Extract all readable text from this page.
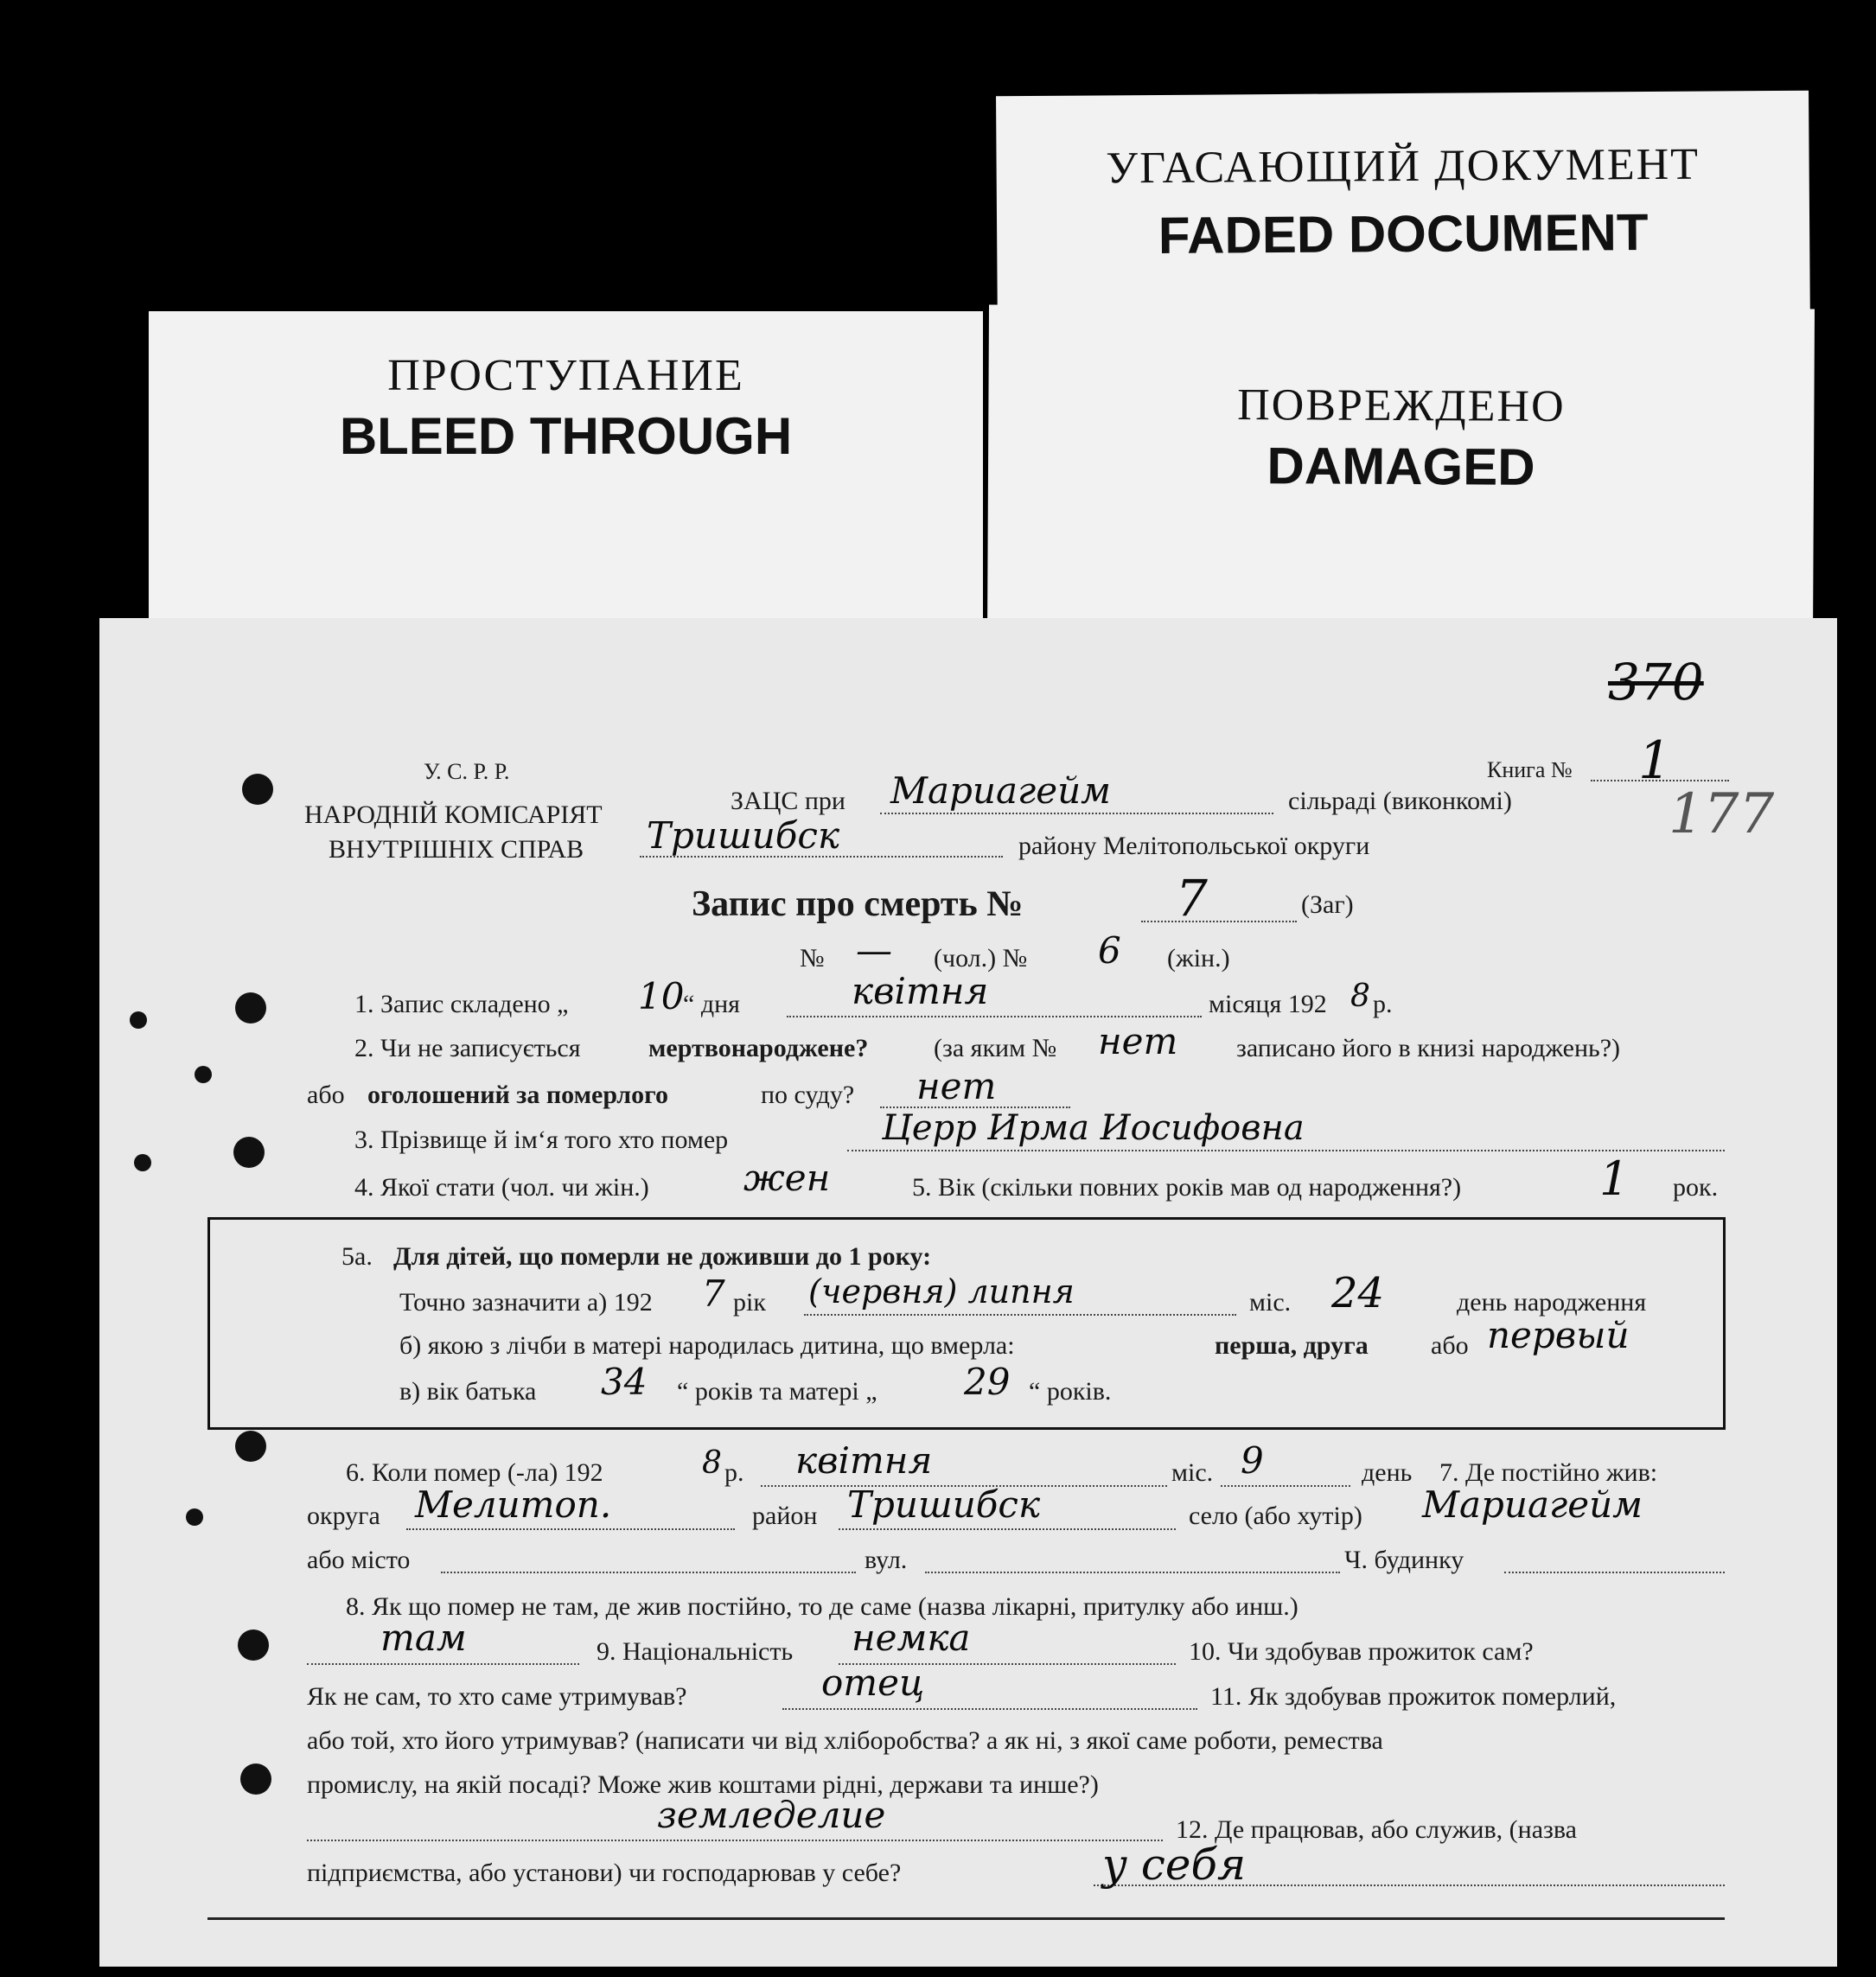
УГАСАЮЩИЙ ДОКУМЕНТ
FADED DOCUMENT
ПРОСТУПАНИЕ
BLEED THROUGH
ПОВРЕЖДЕНО
DAMAGED
370
177
У. С. Р. Р.
НАРОДНІЙ КОМІСАРІЯТ
ВНУТРІШНІХ СПРАВ
Книга № 1
ЗАЦС при Мариагейм	сільраді (виконкомі)
Тришибск	району Мелітопольської округи
Запис про смерть №	7	(Заг)
№ — (чол.) № 6 (жін.)
1. Запис складено „ 10
“ дня	квітня	місяця 192 8 р.
2. Чи не записується	мертвонароджене?	(за яким № нет записано його в книзі народжень?)
або оголошений за померлого	по суду? нет
3. Прізвище й ім‘я того хто помер	Церр Ирма Иосифовна
4. Якої стати (чол. чи жін.)	жен	5. Вік (скільки повних років мав од народження?)	1 рок.
5а. Для дітей, що померли не доживши до 1 року:
Точно зазначити а) 192 7 рік (червня) липня	міс. 24	день народження
б) якою з лічби в матері народилась дитина, що вмерла:	перша, друга або первый
в) вік батька 34 “ років та матері „ 29 “ років.
6. Коли помер (-ла) 192	8 р. квітня	міс. 9	день 7. Де постійно жив:
округа Мелитоп.	район Тришибск	село (або хутір) Мариагейм
або місто	вул.	Ч. будинку
8. Як що помер не там, де жив постійно, то де саме (назва лікарні, притулку або инш.)
там	9. Національність немка	10. Чи здобував прожиток сам?
Як не сам, то хто саме утримував?	отец	11. Як здобував прожиток померлий,
або той, хто його утримував? (написати чи від хліборобства? а як ні, з якої саме роботи, ремества
промислу, на якій посаді? Може жив коштами рідні, держави та инше?)
земледелие	12. Де працював, або служив, (назва
підприємства, або установи) чи господарював у себе?	у себя
